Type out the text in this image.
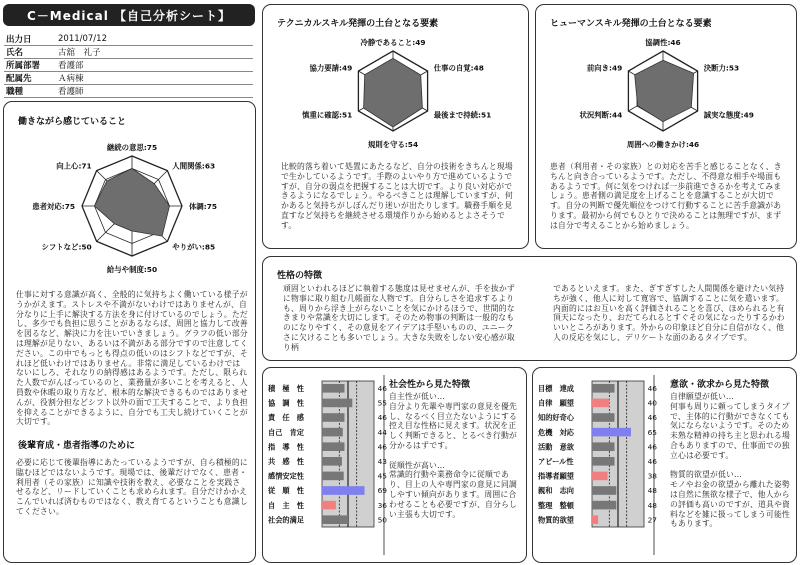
C－Medical 【自己分析シート】
出力日	2011/07/12
氏名	古舘　礼子
所属部署	看護部
配属先	Ａ病棟
職種	看護師
働きながら感じていること
継続の意思:75
人間関係:63
体調:75
やりがい:85
給与や制度:50
シフトなど:50
患者対応:75
向上心:71
仕事に対する意識が高く、全般的に気持ちよく働いている様子がうかがえます。ストレスや不満がないわけではありませんが、自分なりに上手に解決する方法を身に付けているのでしょう。ただし、多少でも負担に思うことがあるならば、周囲と協力して改善を図るなど、解決に力を注いでいきましょう。グラフの低い部分は理解が足りない、あるいは不満がある部分ですので注意してください。この中でもっとも得点の低いのはシフトなどですが、それほど低いわけではありません。非常に満足しているわけではないにしろ、それなりの納得感はあるようです。ただし、限られた人数でがんばっているのと、業務量が多いことを考えると、人員数や休暇の取り方など、根本的な解決できるものではありませんが、役割分担などシフト以外の面で工夫することで、より負担を抑えることができるように、自分でも工夫し続けていくことが大切です。
後輩育成・患者指導のために
必要に応じて後輩指導にあたっているようですが、自ら積極的に臨むほどではないようです。現場では、後輩だけでなく、患者・利用者（その家族）に知識や技術を教え、必要なことを実践させるなど、リードしていくことも求められます。自分だけかかえこんでいれば済むものではなく、教え育てるということも意識してください。
テクニカルスキル発揮の土台となる要素
冷静であること:49
仕事の自覚:48
最後まで持続:51
規則を守る:54
慎重に確認:51
協力要請:49
比較的落ち着いて処置にあたるなど、自分の技術をきちんと現場で生かしているようです。手際のよいやり方で進めているようですが、自分の弱点を把握することは大切です。より良い対応ができるようになるでしょう。やるべきことは理解していますが、何かあると気持ちがしぼんだり迷いが出たりします。職務手順を見直すなど気持ちを継続させる環境作りから始めるとよさそうです。
ヒューマンスキル発揮の土台となる要素
協調性:46
決断力:53
誠実な態度:49
周囲への働きかけ:46
状況判断:44
前向き:49
患者（利用者・その家族）との対応を苦手と感じることなく、きちんと向き合っているようです。ただし、不得意な相手や場面もあるようです。何に気をつければ一歩前進できるかを考えてみましょう。患者側の満足度を上げることを意識することが大切です。自分の判断で優先順位をつけて行動することに苦手意識があります。最初から何でもひとりで決めることは無理ですが、まずは自分で考えることから始めましょう。
性格の特徴
頑固といわれるほどに執着する態度は見せませんが、手を抜かずに物事に取り組む几帳面な人物です。自分らしさを追求するよりも、周りから浮き上がらないことを気にかけるほうで、世間的なきまりや常識を大切にします。そのため物事の判断は一般的なものになりやすく、その意見をアイデアは手堅いものの、ユニークさに欠けることも多いでしょう。大きな失敗をしない安心感が取り柄
であるといえます。また、ぎすぎすした人間関係を避けたい気持ちが強く、他人に対して寛容で、協調することに気を遣います。内面的にはお互いを高く評価されることを喜び、ほめられると有頂天になったり、おだてられるとすぐその気になったりするかわいいところがあります。外からの印象ほど自分に自信がなく、他人の反応を気にし、デリケートな面のあるタイプです。
社会性から見た特徴
積　極　性	46
協　調　性	55
責　任　感	46
自己　肯定	44
指　導　性	46
共　感　性	43
感情安定性	45
従　順　性	69
自　主　性	36
社会的満足	50
自主性が低い…
自分より先輩や専門家の意見を優先し、なるべく目立たないようにする控え目な性格に見えます。状況を正しく判断できると、とるべき行動が分かるはずです。

従順性が高い…
常識的行動や業務命令に従順であり、目上の人や専門家の意見に同調しやすい傾向があります。周囲に合わせることも必要ですが、自分らしい主張も大切です。
意欲・欲求から見た特徴
目標　達成	46
自律　願望	40
知的好奇心	46
危機　対応	65
活動　意欲	46
アピール性	46
指導者願望	38
親和　志向	48
整理　整頓	48
物質的欲望	27
自律願望が低い…
何事も周りに頼ってしまうタイプで、主体的に行動ができなくても気にならないようです。そのため未熟な精神の持ち主と思われる場合もありますので、仕事面での独立心は必要です。

物質的欲望が低い…
モノやお金の欲望から離れた姿勢は自然に無欲な様子で、他人からの評価も高いのですが、道具や資料などを雑に扱ってしまう可能性もあります。
